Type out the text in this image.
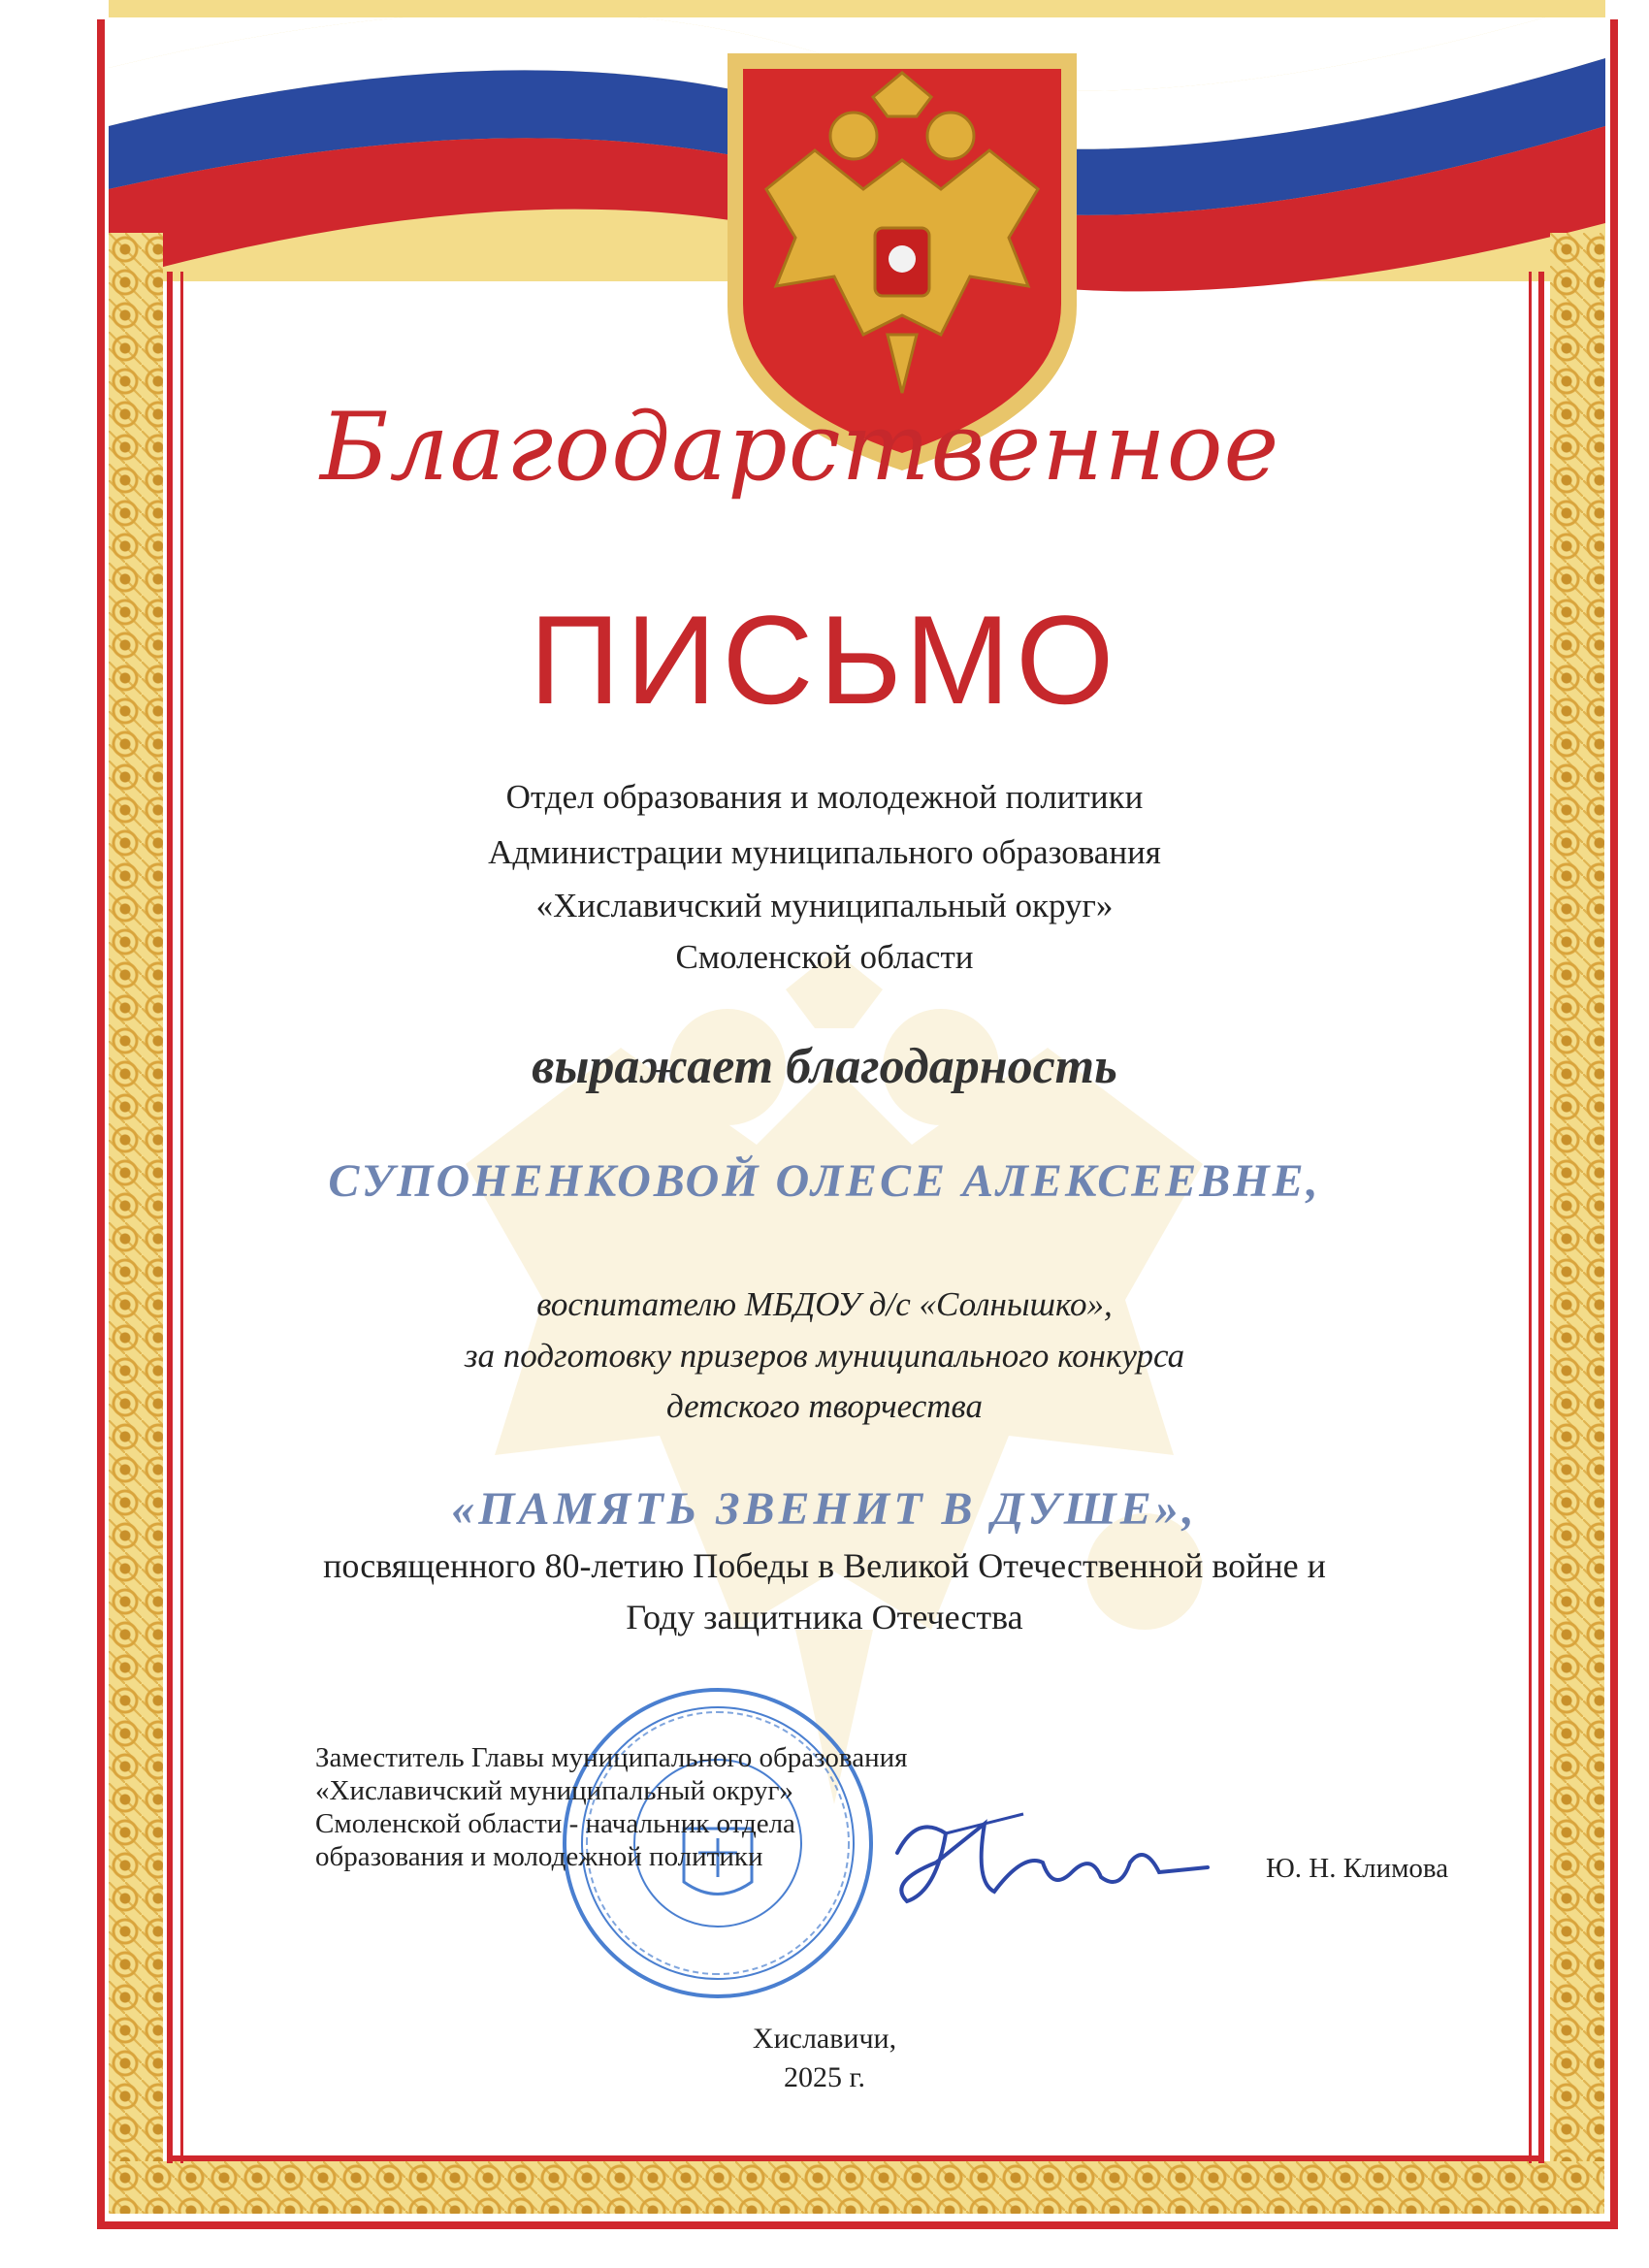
Благодарственное

ПИСЬМО

Отдел образования и молодежной политики

Администрации муниципального образования

«Хиславичский муниципальный округ»

Смоленской области

выражает благодарность

СУПОНЕНКОВОЙ ОЛЕСЕ АЛЕКСЕЕВНЕ,

воспитателю МБДОУ д/с «Солнышко»,

за подготовку призеров муниципального конкурса

детского творчества

«ПАМЯТЬ ЗВЕНИТ В ДУШЕ»,

посвященного 80-летию Победы в Великой Отечественной войне и

Году защитника Отечества

Заместитель Главы муниципального образования
«Хиславичский муниципальный округ»
Смоленской области - начальник отдела
образования и молодежной политики	Ю. Н. Климова

Хиславичи,

2025 г.
